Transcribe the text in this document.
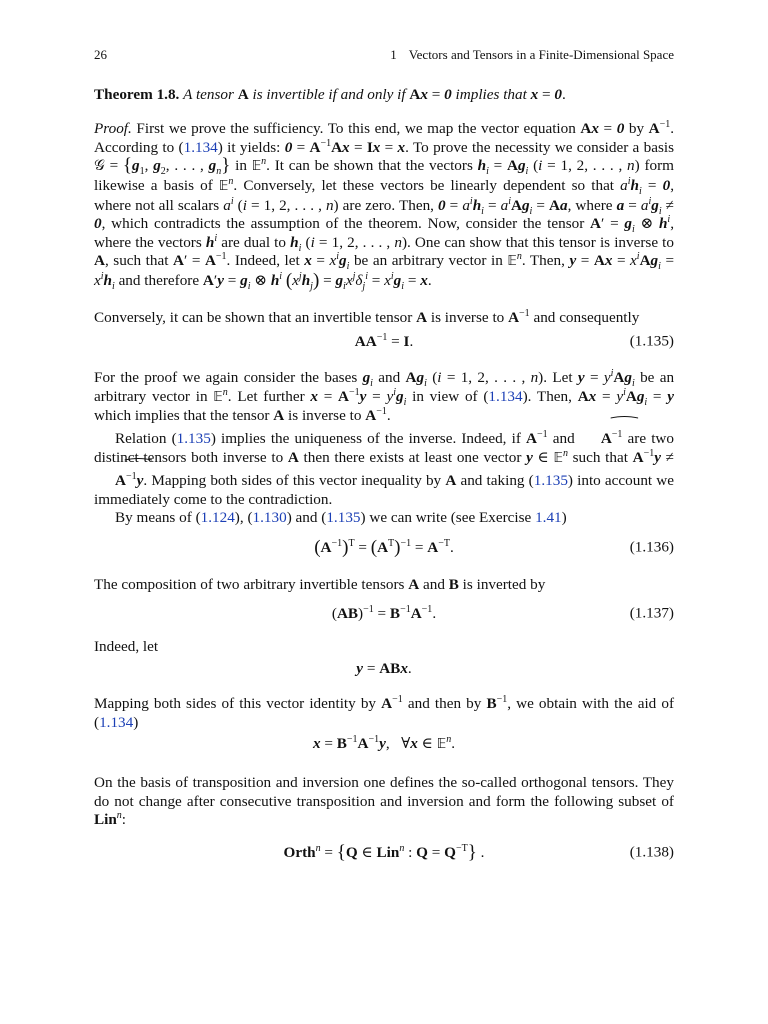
26	1 Vectors and Tensors in a Finite-Dimensional Space

Theorem 1.8. A tensor A is invertible if and only if Ax = 0 implies that x = 0.

Proof. First we prove the sufficiency. To this end, we map the vector equation Ax = 0 by $A^{-1}$. According to (1.134) it yields: $0 = A^{-1}Ax = Ix = x$. To prove the necessity we consider a basis 𝒢 = {$g_1$, $g_2$, . . . , $g_n$} in 𝔼$^n$. It can be shown that the vectors $h_i = Ag_i$ (i = 1, 2, . . . , n) form likewise a basis of 𝔼$^n$. Conversely, let these vectors be linearly dependent so that $a^ih_i = 0$, where not all scalars $a^i$ (i = 1, 2, . . . , n) are zero. Then, $0 = a^ih_i = a^iAg_i = Aa$, where $a = a^ig_i \ne 0$, which contradicts the assumption of the theorem. Now, consider the tensor $A' = g_i$ ⊗ $h^i$, where the vectors $h^i$ are dual to $h_i$ (i = 1, 2, . . . , n). One can show that this tensor is inverse to A, such that $A' = A^{-1}$. Indeed, let $x = x^ig_i$ be an arbitrary vector in 𝔼$^n$. Then, $y = Ax = x^iAg_i = x^ih_i$ and therefore $A'y = g_i$ ⊗ $h^i$ $(x^jh_j) = g_ix^j\delta_j^i = x^ig_i = x$.

Conversely, it can be shown that an invertible tensor A is inverse to $A^{-1}$ and consequently

$AA^{-1} = I$.	(1.135)

For the proof we again consider the bases $g_i$ and $Ag_i$ (i = 1, 2, . . . , n). Let $y = y^iAg_i$ be an arbitrary vector in 𝔼$^n$. Let further $x = A^{-1}y = y^ig_i$ in view of (1.134). Then, $Ax = y^iAg_i = y$ which implies that the tensor A is inverse to $A^{-1}$.

Relation (1.135) implies the uniqueness of the inverse. Indeed, if $A^{-1}$ and ⁀ $A^{-1}$ are two distinct tensors both inverse to A then there exists at least one vector y ∈ 𝔼$^n$ such that $A^{-1}y$ ≠ ⁀ $A^{-1}y$. Mapping both sides of this vector inequality by A and taking (1.135) into account we immediately come to the contradiction.

By means of (1.124), (1.130) and (1.135) we can write (see Exercise 1.41)

$(A^{-1})^T = (A^T)^{-1} = A^{-T}$.	(1.136)

The composition of two arbitrary invertible tensors A and B is inverted by

$(AB)^{-1} = B^{-1}A^{-1}$.	(1.137)

Indeed, let

y = ABx.

Mapping both sides of this vector identity by $A^{-1}$ and then by $B^{-1}$, we obtain with the aid of (1.134)

$x = B^{-1}A^{-1}y$,   ∀x ∈ 𝔼$^n$.

On the basis of transposition and inversion one defines the so-called orthogonal tensors. They do not change after consecutive transposition and inversion and form the following subset of Lin$^n$:

Orth$^n$ = {Q ∈ Lin$^n$ : $Q = Q^{-T}$} .	(1.138)
